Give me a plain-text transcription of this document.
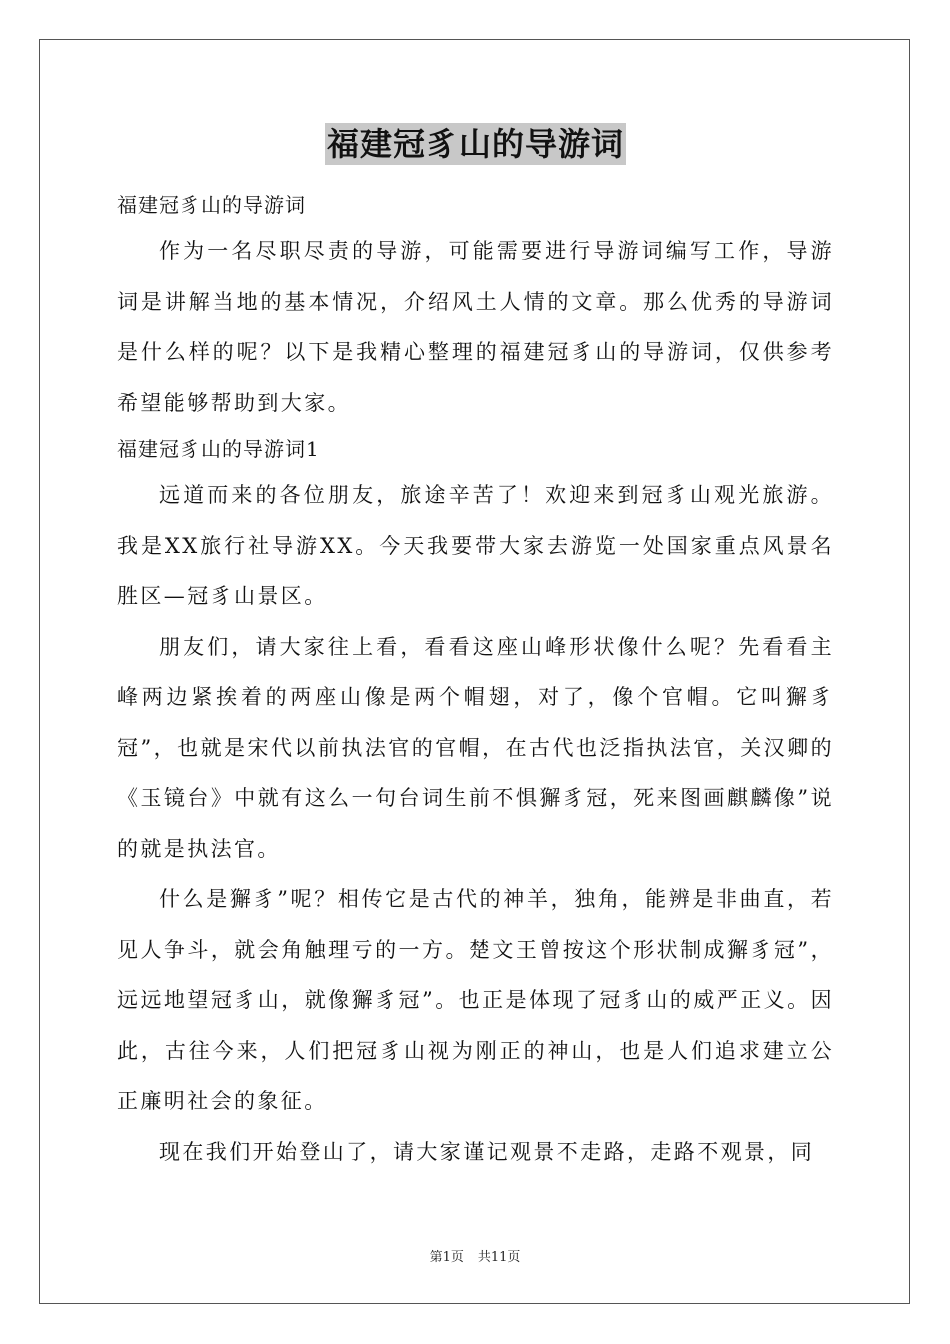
福建冠豸山的导游词

福建冠豸山的导游词

作为一名尽职尽责的导游，可能需要进行导游词编写工作，导游词是讲解当地的基本情况，介绍风土人情的文章。那么优秀的导游词是什么样的呢？以下是我精心整理的福建冠豸山的导游词，仅供参考希望能够帮助到大家。

福建冠豸山的导游词1

远道而来的各位朋友，旅途辛苦了！欢迎来到冠豸山观光旅游。我是XX旅行社导游XX。今天我要带大家去游览一处国家重点风景名胜区—冠豸山景区。

朋友们，请大家往上看，看看这座山峰形状像什么呢？先看看主峰两边紧挨着的两座山像是两个帽翅，对了，像个官帽。它叫獬豸冠”，也就是宋代以前执法官的官帽，在古代也泛指执法官，关汉卿的《玉镜台》中就有这么一句台词生前不惧獬豸冠，死来图画麒麟像”说的就是执法官。

什么是獬豸”呢？相传它是古代的神羊，独角，能辨是非曲直，若见人争斗，就会角触理亏的一方。楚文王曾按这个形状制成獬豸冠”，远远地望冠豸山，就像獬豸冠”。也正是体现了冠豸山的威严正义。因此，古往今来，人们把冠豸山视为刚正的神山，也是人们追求建立公正廉明社会的象征。

现在我们开始登山了，请大家谨记观景不走路，走路不观景，同

第1页 共11页
